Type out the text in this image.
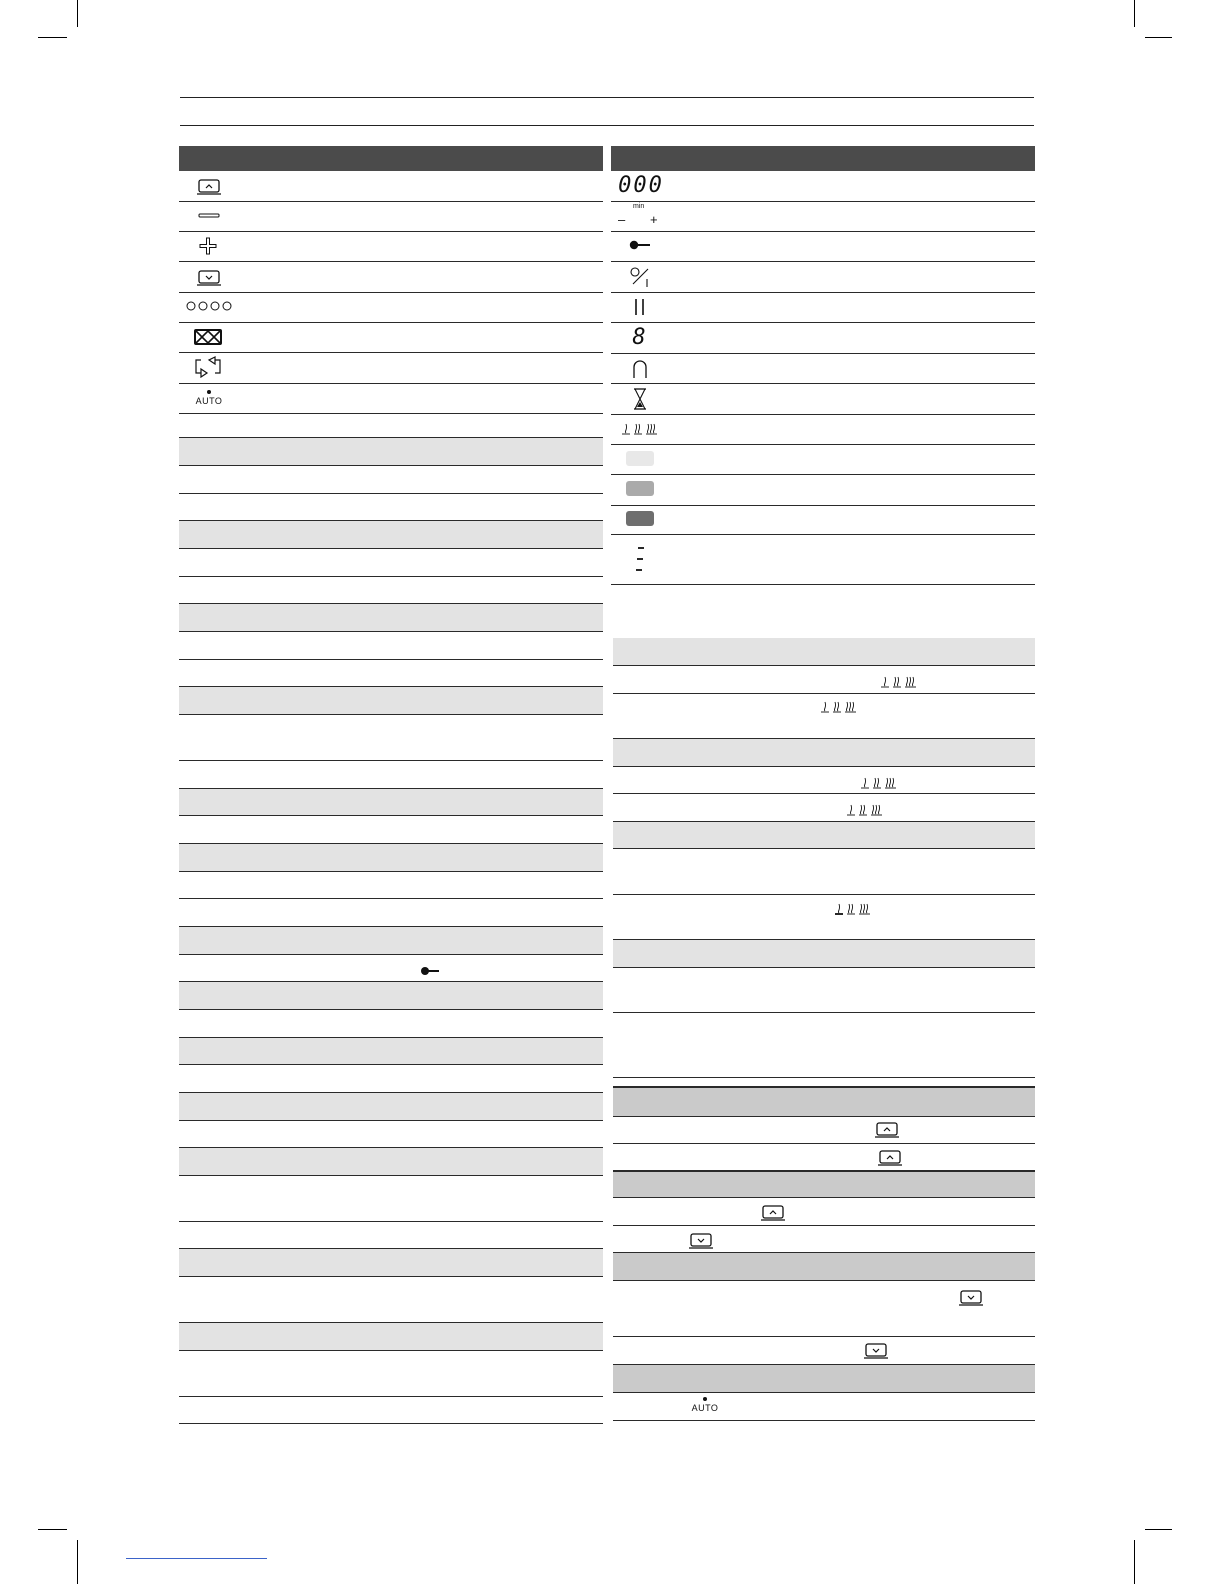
AUTO
000
min
– +
8
AUTO
